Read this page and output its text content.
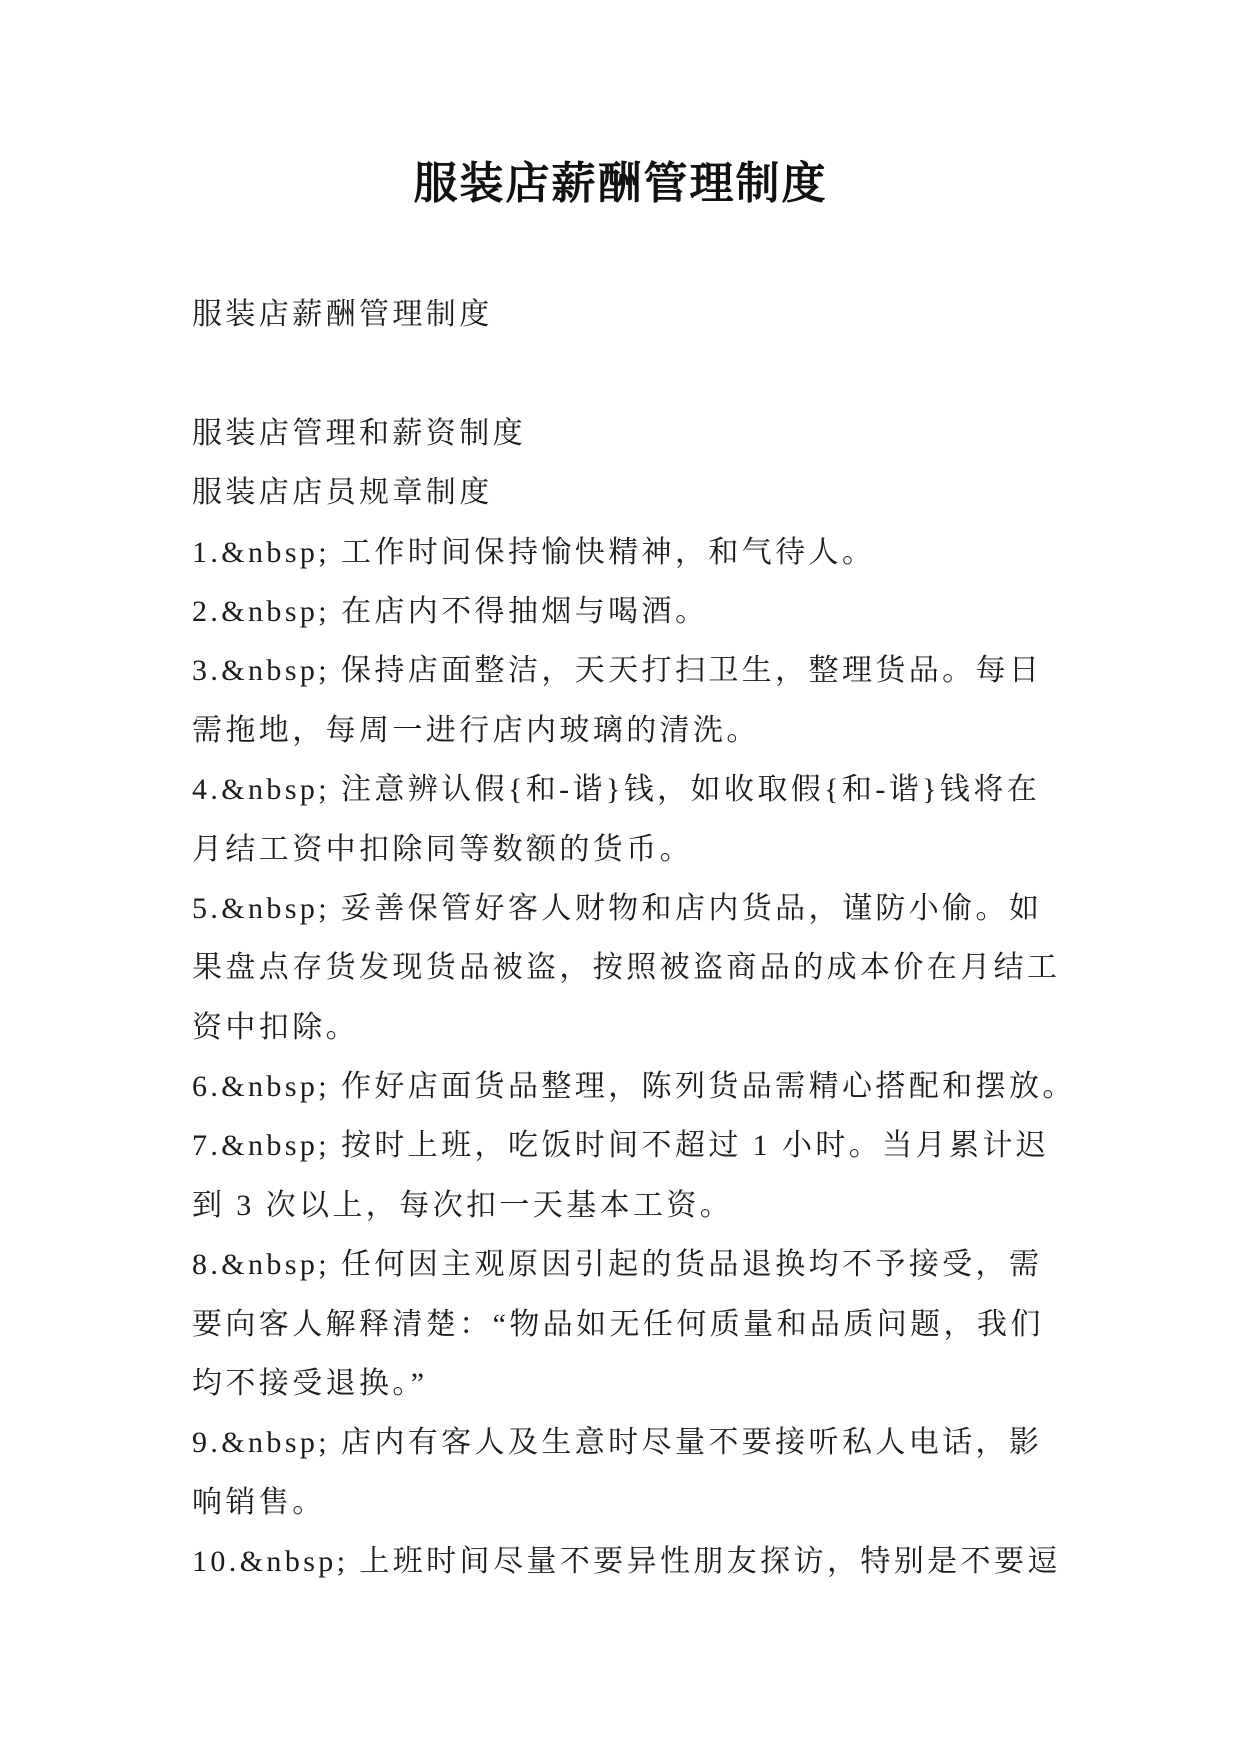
服装店薪酬管理制度

服装店薪酬管理制度

服装店管理和薪资制度

服装店店员规章制度

1.&nbsp; 工作时间保持愉快精神，和气待人。

2.&nbsp; 在店内不得抽烟与喝酒。

3.&nbsp; 保持店面整洁，天天打扫卫生，整理货品。每日

需拖地，每周一进行店内玻璃的清洗。

4.&nbsp; 注意辨认假{和-谐}钱，如收取假{和-谐}钱将在

月结工资中扣除同等数额的货币。

5.&nbsp; 妥善保管好客人财物和店内货品，谨防小偷。如

果盘点存货发现货品被盗，按照被盗商品的成本价在月结工

资中扣除。

6.&nbsp; 作好店面货品整理，陈列货品需精心搭配和摆放。

7.&nbsp; 按时上班，吃饭时间不超过 1 小时。当月累计迟

到 3 次以上，每次扣一天基本工资。

8.&nbsp; 任何因主观原因引起的货品退换均不予接受，需

要向客人解释清楚：“物品如无任何质量和品质问题，我们

均不接受退换。”

9.&nbsp; 店内有客人及生意时尽量不要接听私人电话，影

响销售。

10.&nbsp; 上班时间尽量不要异性朋友探访，特别是不要逗
